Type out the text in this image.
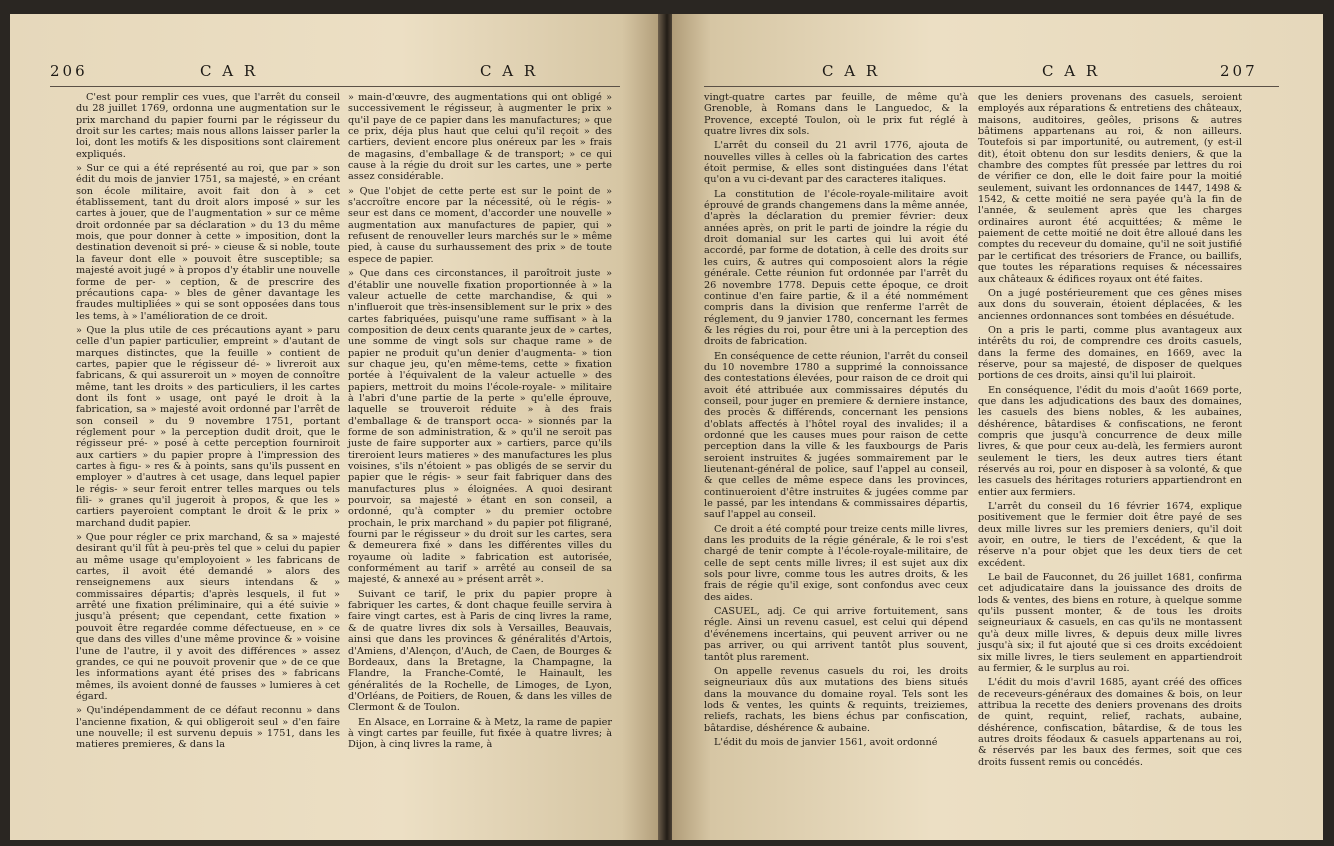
206	C A R	C A R

C'est pour remplir ces vues, que l'arrêt du conseil du 28 juillet 1769, ordonna une augmentation sur le prix marchand du papier fourni par le régisseur du droit sur les cartes; mais nous allons laisser parler la loi, dont les motifs & les dispositions sont clairement expliqués.

» Sur ce qui a été représenté au roi, que par » son édit du mois de janvier 1751, sa majesté, » en créant son école militaire, avoit fait don à » cet établissement, tant du droit alors imposé » sur les cartes à jouer, que de l'augmentation » sur ce même droit ordonnée par sa déclaration » du 13 du même mois, que pour donner à cette » imposition, dont la destination devenoit si pré- » cieuse & si noble, toute la faveur dont elle » pouvoit être susceptible; sa majesté avoit jugé » à propos d'y établir une nouvelle forme de per- » ception, & de prescrire des précautions capa- » bles de gêner davantage les fraudes multipliées » qui se sont opposées dans tous les tems, à » l'amélioration de ce droit.

» Que la plus utile de ces précautions ayant » paru celle d'un papier particulier, empreint » d'autant de marques distinctes, que la feuille » contient de cartes, papier que le régisseur dé- » livreroit aux fabricans, & qui assureroit un » moyen de connoître même, tant les droits » des particuliers, il les cartes dont ils font » usage, ont payé le droit à la fabrication, sa » majesté avoit ordonné par l'arrêt de son conseil » du 9 novembre 1751, portant réglement pour » la perception dudit droit, que le régisseur pré- » posé à cette perception fourniroit aux cartiers » du papier propre à l'impression des cartes à figu- » res & à points, sans qu'ils pussent en employer » d'autres à cet usage, dans lequel papier le régis- » seur feroit entrer telles marques ou tels fili- » granes qu'il jugeroit à propos, & que les » cartiers payeroient comptant le droit & le prix » marchand dudit papier.

» Que pour régler ce prix marchand, & sa » majesté desirant qu'il fût à peu-près tel que » celui du papier au même usage qu'employoient » les fabricans de cartes, il avoit été demandé » alors des renseignemens aux sieurs intendans & » commissaires départis; d'après lesquels, il fut » arrêté une fixation préliminaire, qui a été suivie » jusqu'à présent; que cependant, cette fixation » pouvoit être regardée comme défectueuse, en » ce que dans des villes d'une même province & » voisine l'une de l'autre, il y avoit des différences » assez grandes, ce qui ne pouvoit provenir que » de ce que les informations ayant été prises des » fabricans mêmes, ils avoient donné de fausses » lumieres à cet égard.

» Qu'indépendamment de ce défaut reconnu » dans l'ancienne fixation, & qui obligeroit seul » d'en faire une nouvelle; il est survenu depuis » 1751, dans les matieres premieres, & dans la

» main-d'œuvre, des augmentations qui ont obligé » successivement le régisseur, à augmenter le prix » qu'il paye de ce papier dans les manufactures; » que ce prix, déja plus haut que celui qu'il reçoit » des cartiers, devient encore plus onéreux par les » frais de magasins, d'emballage & de transport; » ce qui cause à la régie du droit sur les cartes, une » perte assez considérable.

» Que l'objet de cette perte est sur le point de » s'accroître encore par la nécessité, où le régis- » seur est dans ce moment, d'accorder une nouvelle » augmentation aux manufactures de papier, qui » refusent de renouveller leurs marchés sur le » même pied, à cause du surhaussement des prix » de toute espece de papier.

» Que dans ces circonstances, il paroîtroit juste » d'établir une nouvelle fixation proportionnée à » la valeur actuelle de cette marchandise, & qui » n'influeroit que très-insensiblement sur le prix » des cartes fabriquées, puisqu'une rame suffisant » à la composition de deux cents quarante jeux de » cartes, une somme de vingt sols sur chaque rame » de papier ne produit qu'un denier d'augmenta- » tion sur chaque jeu, qu'en même-tems, cette » fixation portée à l'équivalent de la valeur actuelle » des papiers, mettroit du moins l'école-royale- » militaire à l'abri d'une partie de la perte » qu'elle éprouve, laquelle se trouveroit réduite » à des frais d'emballage & de transport occa- » sionnés par la forme de son administration, & » qu'il ne seroit pas juste de faire supporter aux » cartiers, parce qu'ils tireroient leurs matieres » des manufactures les plus voisines, s'ils n'étoient » pas obligés de se servir du papier que le régis- » seur fait fabriquer dans des manufactures plus » éloignées. A quoi desirant pourvoir, sa majesté » étant en son conseil, a ordonné, qu'à compter » du premier octobre prochain, le prix marchand » du papier pot filigrané, fourni par le régisseur » du droit sur les cartes, sera & demeurera fixé » dans les différentes villes du royaume où ladite » fabrication est autorisée, conformément au tarif » arrêté au conseil de sa majesté, & annexé au » présent arrêt ».

Suivant ce tarif, le prix du papier propre à fabriquer les cartes, & dont chaque feuille servira à faire vingt cartes, est à Paris de cinq livres la rame, & de quatre livres dix sols à Versailles, Beauvais, ainsi que dans les provinces & généralités d'Artois, d'Amiens, d'Alençon, d'Auch, de Caen, de Bourges & Bordeaux, dans la Bretagne, la Champagne, la Flandre, la Franche-Comté, le Hainault, les généralités de la Rochelle, de Limoges, de Lyon, d'Orléans, de Poitiers, de Rouen, & dans les villes de Clermont & de Toulon.

En Alsace, en Lorraine & à Metz, la rame de papier à vingt cartes par feuille, fut fixée à quatre livres; à Dijon, à cinq livres la rame, à

C A R	C A R	207

vingt-quatre cartes par feuille, de même qu'à Grenoble, à Romans dans le Languedoc, & la Provence, excepté Toulon, où le prix fut réglé à quatre livres dix sols.

L'arrêt du conseil du 21 avril 1776, ajouta de nouvelles villes à celles où la fabrication des cartes étoit permise, & elles sont distinguées dans l'état qu'on a vu ci-devant par des caracteres italiques.

La constitution de l'école-royale-militaire avoit éprouvé de grands changemens dans la même année, d'après la déclaration du premier février: deux années après, on prit le parti de joindre la régie du droit domanial sur les cartes qui lui avoit été accordé, par forme de dotation, à celle des droits sur les cuirs, & autres qui composoient alors la régie générale. Cette réunion fut ordonnée par l'arrêt du 26 novembre 1778. Depuis cette époque, ce droit continue d'en faire partie, & il a été nommément compris dans la division que renferme l'arrêt de réglement, du 9 janvier 1780, concernant les fermes & les régies du roi, pour être uni à la perception des droits de fabrication.

En conséquence de cette réunion, l'arrêt du conseil du 10 novembre 1780 a supprimé la connoissance des contestations élevées, pour raison de ce droit qui avoit été attribuée aux commissaires députés du conseil, pour juger en premiere & derniere instance, des procès & différends, concernant les pensions d'oblats affectés à l'hôtel royal des invalides; il a ordonné que les causes mues pour raison de cette perception dans la ville & les fauxbourgs de Paris seroient instruites & jugées sommairement par le lieutenant-général de police, sauf l'appel au conseil, & que celles de même espece dans les provinces, continueroient d'être instruites & jugées comme par le passé, par les intendans & commissaires départis, sauf l'appel au conseil.

Ce droit a été compté pour treize cents mille livres, dans les produits de la régie générale, & le roi s'est chargé de tenir compte à l'école-royale-militaire, de celle de sept cents mille livres; il est sujet aux dix sols pour livre, comme tous les autres droits, & les frais de régie qu'il exige, sont confondus avec ceux des aides.

CASUEL, adj. Ce qui arrive fortuitement, sans régle. Ainsi un revenu casuel, est celui qui dépend d'événemens incertains, qui peuvent arriver ou ne pas arriver, ou qui arrivent tantôt plus souvent, tantôt plus rarement.

On appelle revenus casuels du roi, les droits seigneuriaux dûs aux mutations des biens situés dans la mouvance du domaine royal. Tels sont les lods & ventes, les quints & requints, treiziemes, reliefs, rachats, les biens échus par confiscation, bâtardise, déshérence & aubaine.

L'édit du mois de janvier 1561, avoit ordonné

que les deniers provenans des casuels, seroient employés aux réparations & entretiens des châteaux, maisons, auditoires, geôles, prisons & autres bâtimens appartenans au roi, & non ailleurs. Toutefois si par importunité, ou autrement, (y est-il dit), étoit obtenu don sur lesdits deniers, & que la chambre des comptes fût pressée par lettres du roi de vérifier ce don, elle le doit faire pour la moitié seulement, suivant les ordonnances de 1447, 1498 & 1542, & cette moitié ne sera payée qu'à la fin de l'année, & seulement après que les charges ordinaires auront été acquittées; & même le paiement de cette moitié ne doit être alloué dans les comptes du receveur du domaine, qu'il ne soit justifié par le certificat des trésoriers de France, ou baillifs, que toutes les réparations requises & nécessaires aux châteaux & édifices royaux ont été faites.

On a jugé postérieurement que ces gênes mises aux dons du souverain, étoient déplacées, & les anciennes ordonnances sont tombées en désuétude.

On a pris le parti, comme plus avantageux aux intérêts du roi, de comprendre ces droits casuels, dans la ferme des domaines, en 1669, avec la réserve, pour sa majesté, de disposer de quelques portions de ces droits, ainsi qu'il lui plairoit.

En conséquence, l'édit du mois d'août 1669 porte, que dans les adjudications des baux des domaines, les casuels des biens nobles, & les aubaines, déshérence, bâtardises & confiscations, ne feront compris que jusqu'à concurrence de deux mille livres, & que pour ceux au-delà, les fermiers auront seulement le tiers, les deux autres tiers étant réservés au roi, pour en disposer à sa volonté, & que les casuels des héritages roturiers appartiendront en entier aux fermiers.

L'arrêt du conseil du 16 février 1674, explique positivement que le fermier doit être payé de ses deux mille livres sur les premiers deniers, qu'il doit avoir, en outre, le tiers de l'excédent, & que la réserve n'a pour objet que les deux tiers de cet excédent.

Le bail de Fauconnet, du 26 juillet 1681, confirma cet adjudicataire dans la jouissance des droits de lods & ventes, des biens en roture, à quelque somme qu'ils pussent monter, & de tous les droits seigneuriaux & casuels, en cas qu'ils ne montassent qu'à deux mille livres, & depuis deux mille livres jusqu'à six; il fut ajouté que si ces droits excédoient six mille livres, le tiers seulement en appartiendroit au fermier, & le surplus au roi.

L'édit du mois d'avril 1685, ayant créé des offices de receveurs-généraux des domaines & bois, on leur attribua la recette des deniers provenans des droits de quint, requint, relief, rachats, aubaine, déshérence, confiscation, bâtardise, & de tous les autres droits féodaux & casuels appartenans au roi, & réservés par les baux des fermes, soit que ces droits fussent remis ou concédés.
